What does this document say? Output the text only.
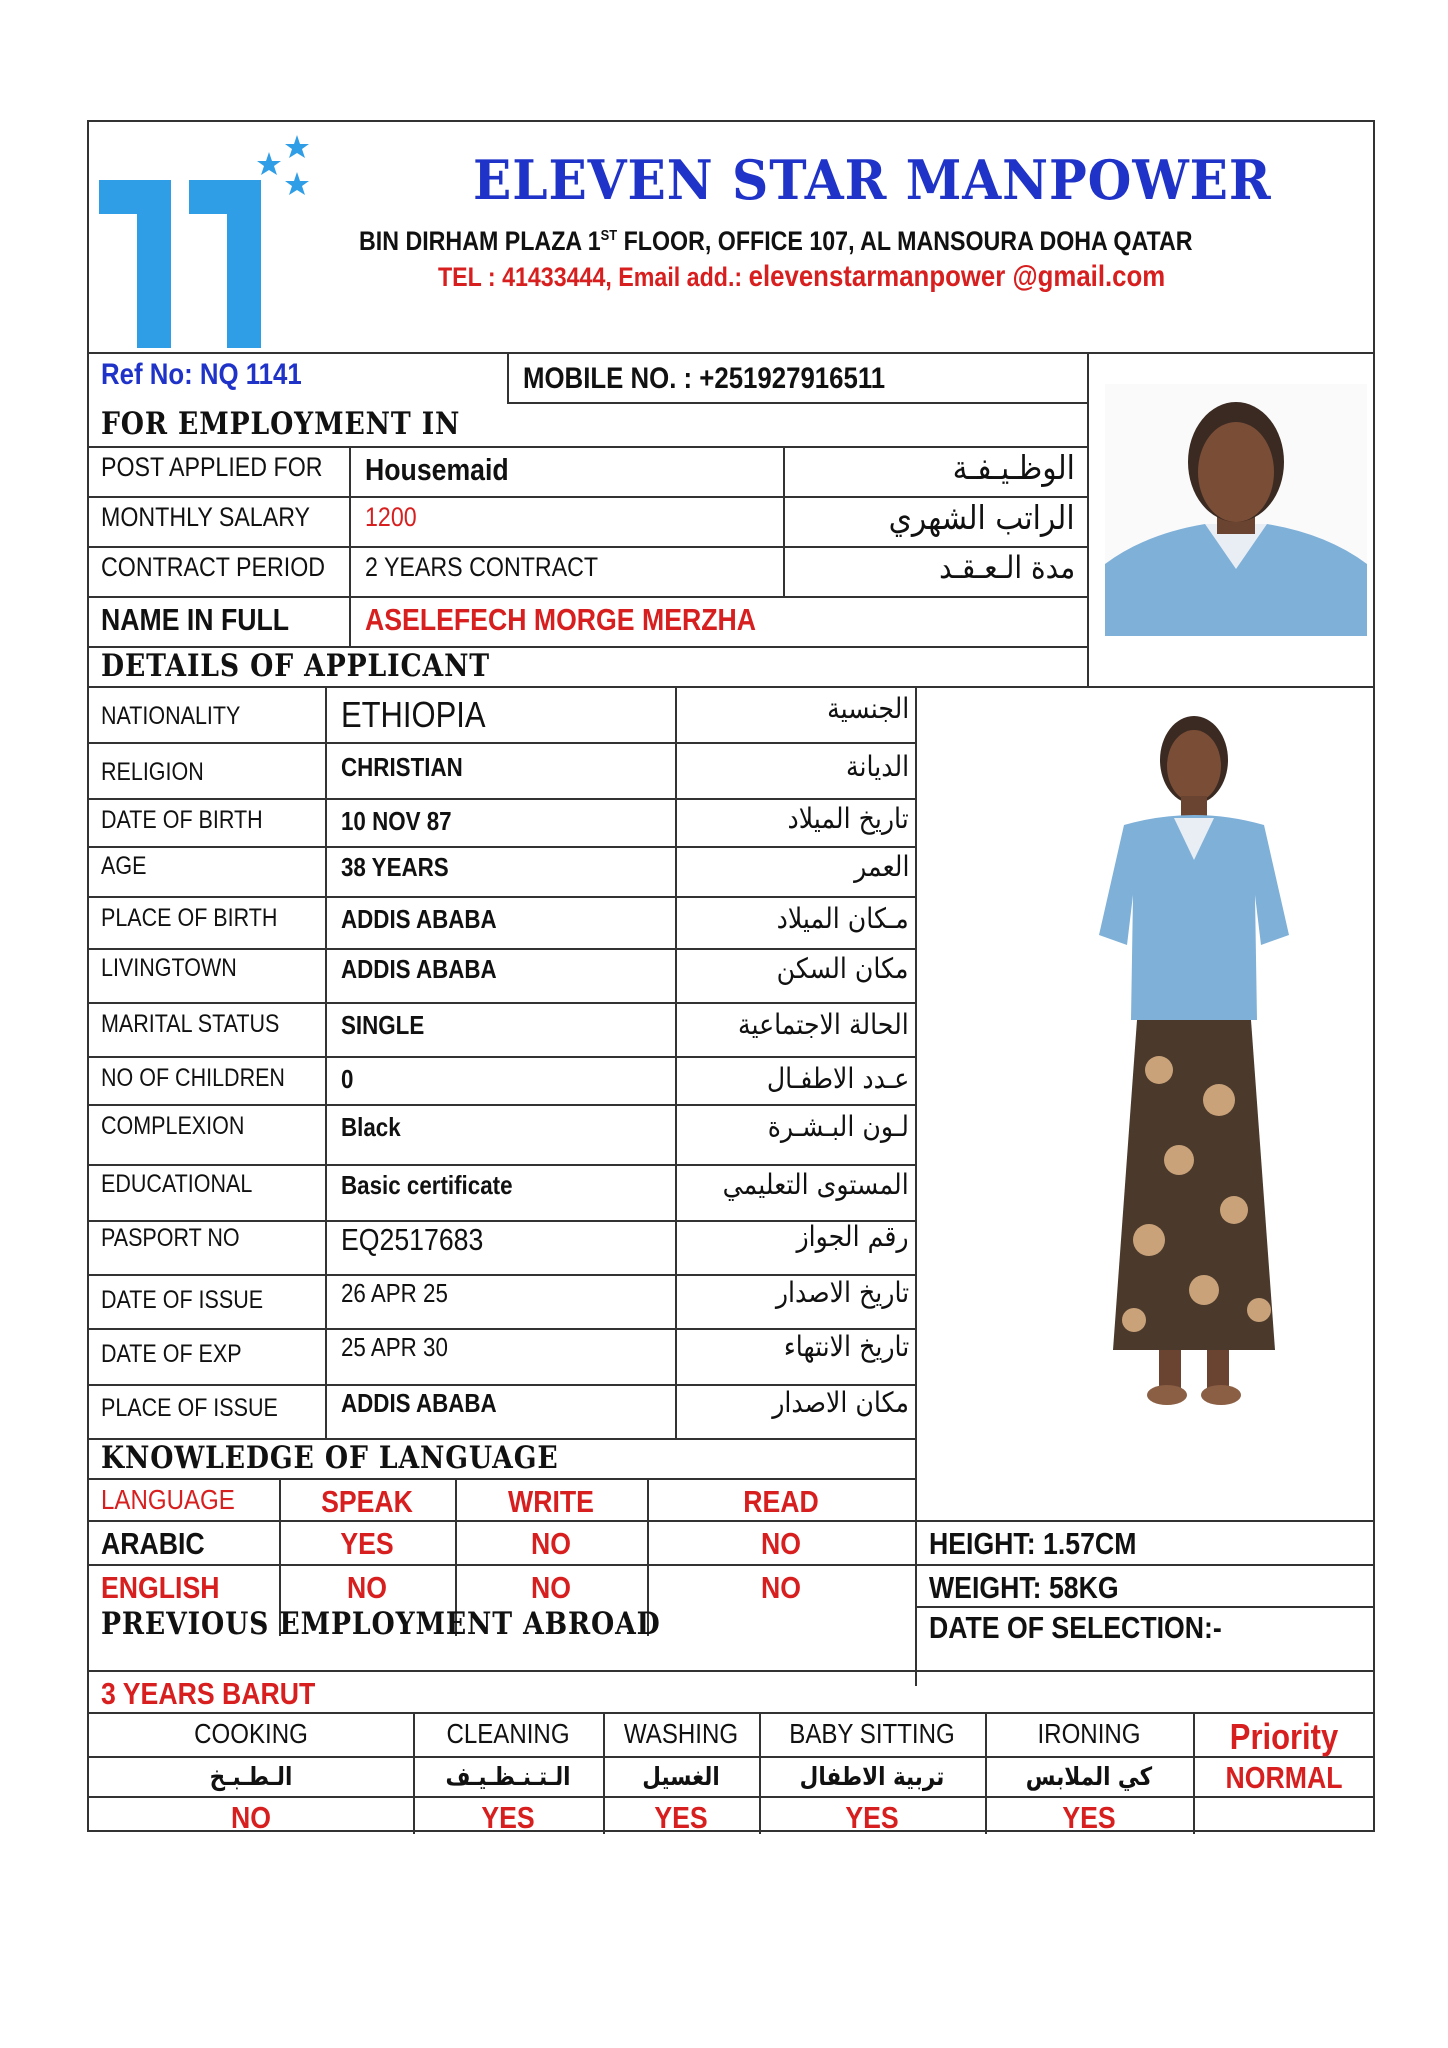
ELEVEN STAR MANPOWER
BIN DIRHAM PLAZA 1ST FLOOR, OFFICE 107, AL MANSOURA DOHA QATAR
TEL : 41433444, Email add.: elevenstarmanpower @gmail.com
Ref No: NQ 1141	MOBILE NO. : +251927916511
FOR EMPLOYMENT IN
POST APPLIED FOR Housemaid	الوظـيـفـة
MONTHLY SALARY 1200	الراتب الشهري
CONTRACT PERIOD 2 YEARS CONTRACT	مدة الـعـقـد
NAME IN FULL ASELEFECH MORGE MERZHA
DETAILS OF APPLICANT
NATIONALITY	ETHIOPIA	الجنسية
RELIGION	CHRISTIAN	الديانة
DATE OF BIRTH	10 NOV 87	تاريخ الميلاد
AGE	38 YEARS	العمر
PLACE OF BIRTH ADDIS ABABA	مـكان الميلاد
LIVINGTOWN	ADDIS ABABA	مكان السكن
MARITAL STATUS SINGLE	الحالة الاجتماعية
NO OF CHILDREN 0	عـدد الاطفـال
COMPLEXION	Black	لـون البـشـرة
EDUCATIONAL	Basic certificate	المستوى التعليمي
PASPORT NO	EQ2517683	رقم الجواز
DATE OF ISSUE	26 APR 25	تاريخ الاصدار
DATE OF EXP	25 APR 30	تاريخ الانتهاء
PLACE OF ISSUE ADDIS ABABA	مكان الاصدار
KNOWLEDGE OF LANGUAGE
LANGUAGE	SPEAK	WRITE	READ
ARABIC	YES	NO	NO	HEIGHT: 1.57CM
ENGLISH	NO	NO	NO	WEIGHT: 58KG
PREVIOUS EMPLOYMENT ABROAD	DATE OF SELECTION:-
3 YEARS BARUT
COOKING	CLEANING	WASHING	BABY SITTING	IRONING	Priority
الـطـبـخ	الـتـنـظـيـف	الغسيل	تربية الاطفال	كي الملابس	NORMAL
NO	YES	YES	YES	YES
